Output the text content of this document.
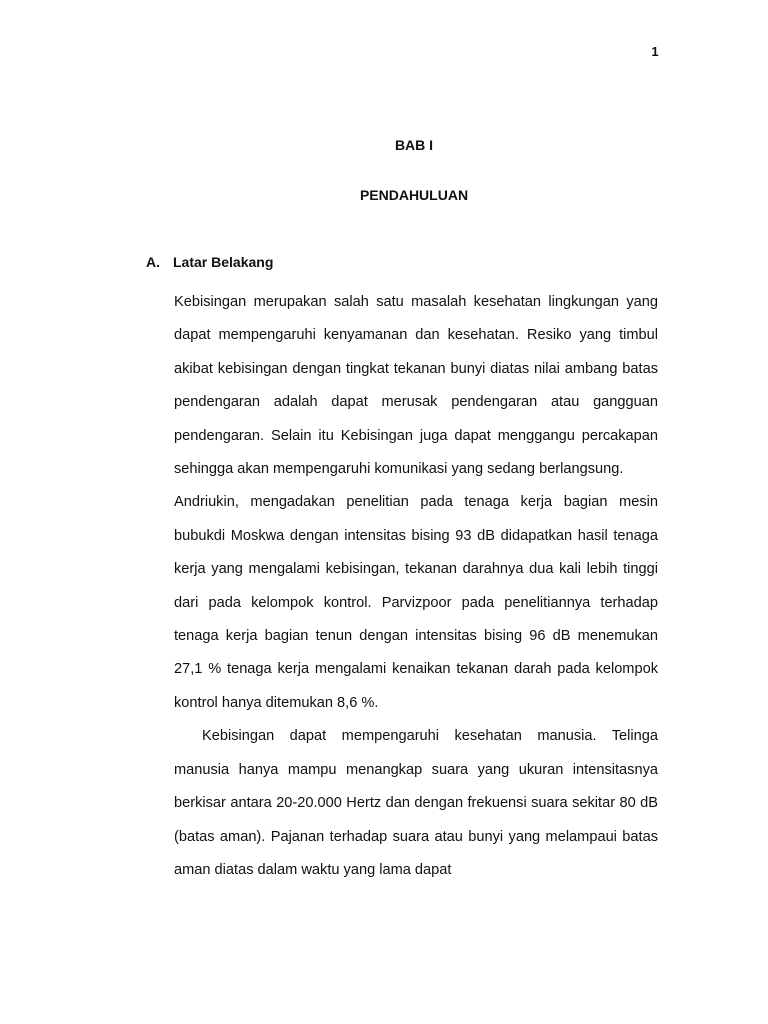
1
BAB I
PENDAHULUAN
A. Latar Belakang

Kebisingan merupakan salah satu masalah kesehatan lingkungan yang dapat mempengaruhi kenyamanan dan kesehatan. Resiko yang timbul akibat kebisingan dengan tingkat tekanan bunyi diatas nilai ambang batas pendengaran adalah dapat merusak pendengaran atau gangguan pendengaran. Selain itu Kebisingan juga dapat menggangu percakapan sehingga akan mempengaruhi komunikasi yang sedang berlangsung.

Andriukin, mengadakan penelitian pada tenaga kerja bagian mesin bubukdi Moskwa dengan intensitas bising 93 dB didapatkan hasil tenaga kerja yang mengalami kebisingan, tekanan darahnya dua kali lebih tinggi dari pada kelompok kontrol. Parvizpoor pada penelitiannya terhadap tenaga kerja bagian tenun dengan intensitas bising 96 dB menemukan 27,1 % tenaga kerja mengalami kenaikan tekanan darah pada kelompok kontrol hanya ditemukan 8,6 %.

Kebisingan dapat mempengaruhi kesehatan manusia. Telinga manusia hanya mampu menangkap suara yang ukuran intensitasnya berkisar antara 20-20.000 Hertz dan dengan frekuensi suara sekitar 80 dB (batas aman). Pajanan terhadap suara atau bunyi yang melampaui batas aman diatas dalam waktu yang lama dapat
